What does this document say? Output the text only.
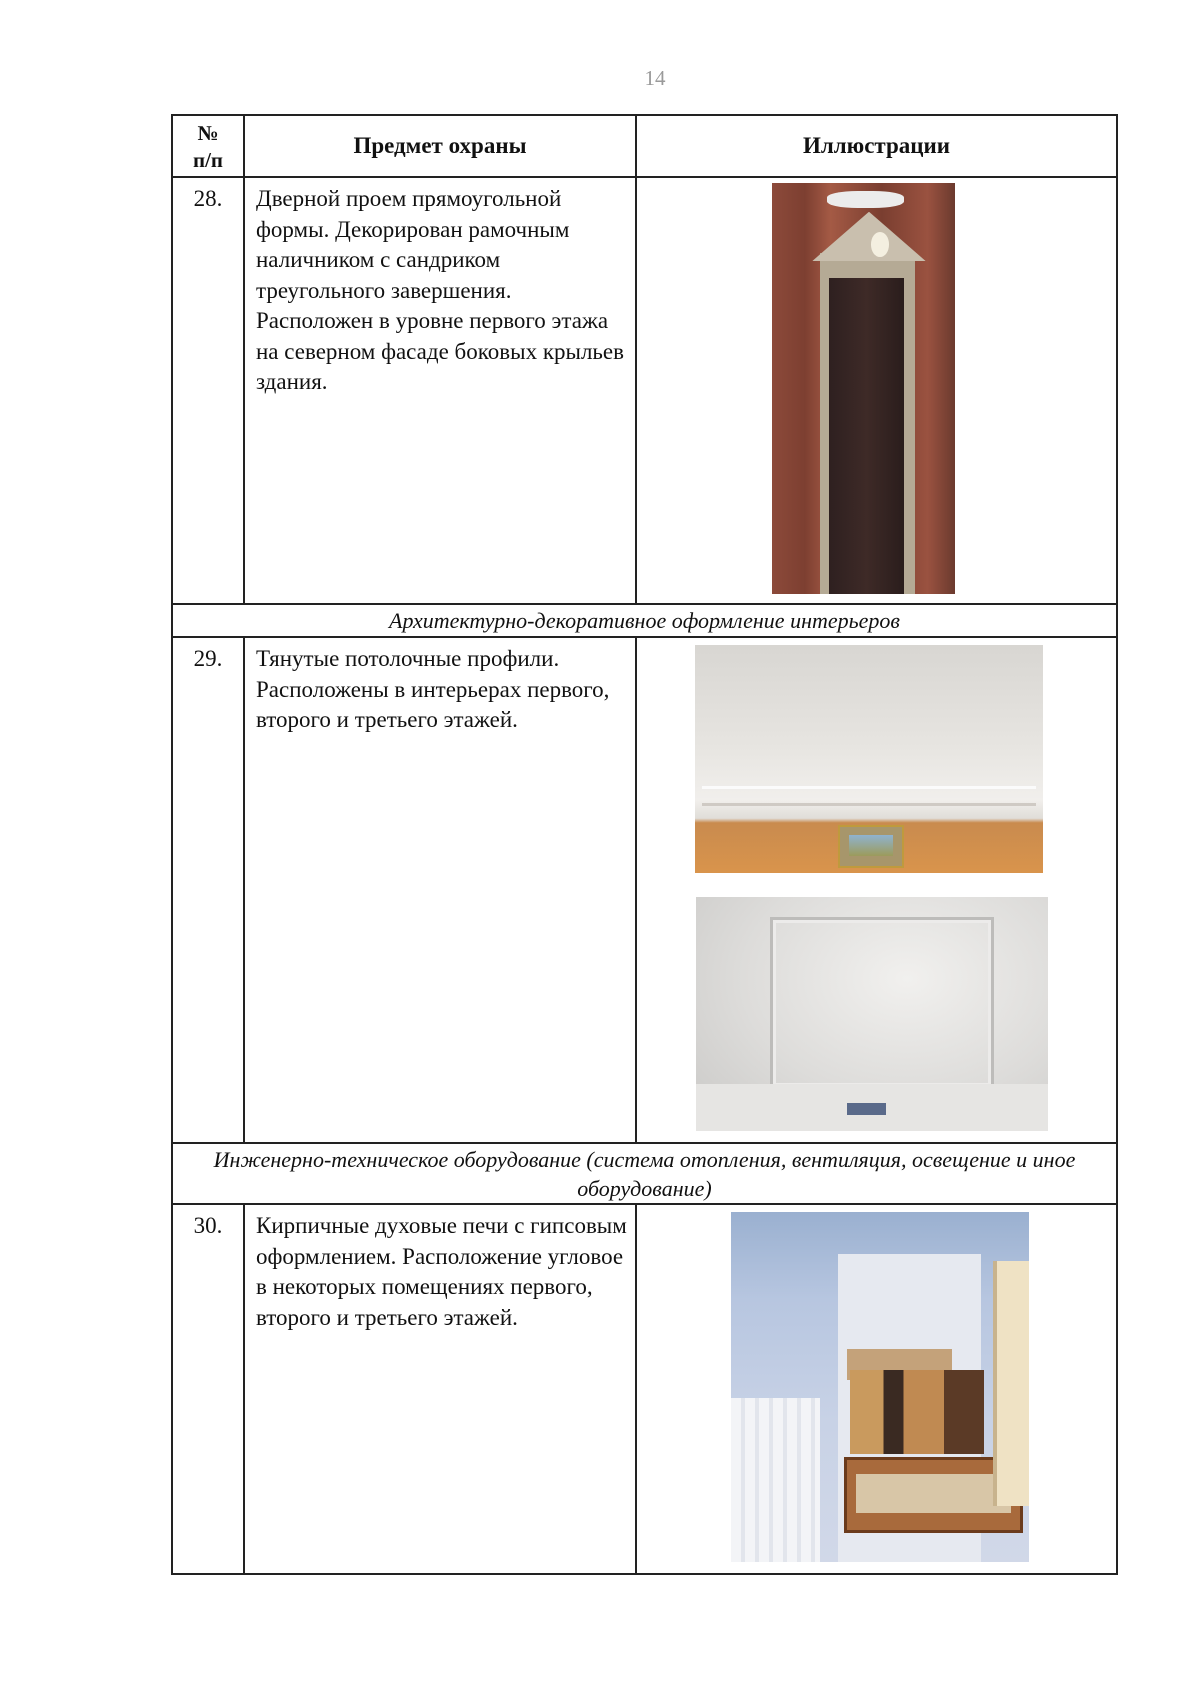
14
№
п/п	Предмет охраны	Иллюстрации
28.	Дверной проем прямоугольной формы. Декорирован рамочным наличником с сандриком треугольного завершения. Расположен в уровне первого этажа на северном фасаде боковых крыльев здания.	

Архитектурно-декоративное оформление интерьеров		
29.	Тянутые потолочные профили. Расположены в интерьерах первого, второго и третьего этажей.	

Инженерно-техническое оборудование (система отопления, вентиляция, освещение и иное оборудование)		
30.	Кирпичные духовые печи с гипсовым оформлением. Расположение угловое в некоторых помещениях первого, второго и третьего этажей.	
